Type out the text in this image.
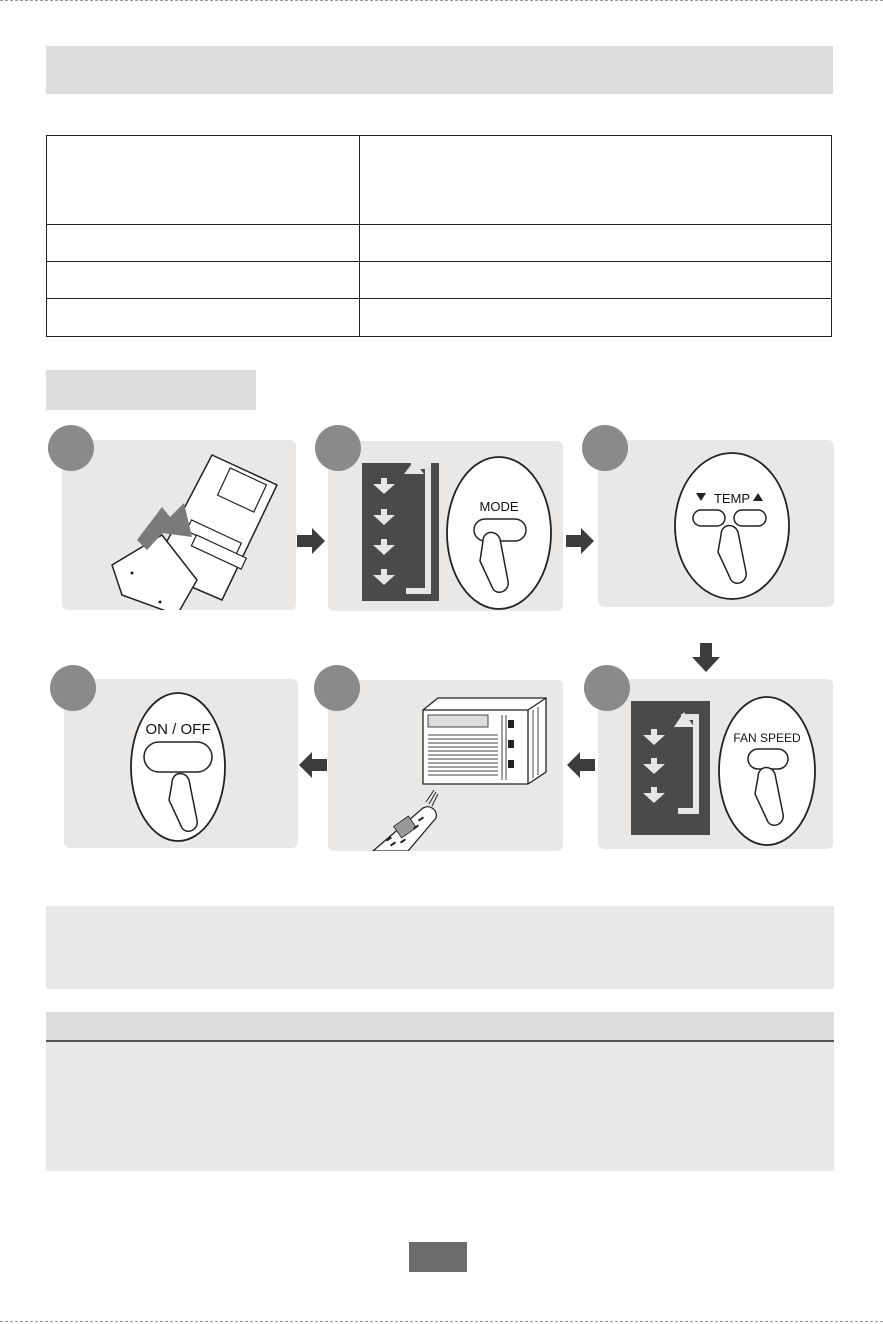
MODE
TEMP
ON / OFF	FAN SPEED
